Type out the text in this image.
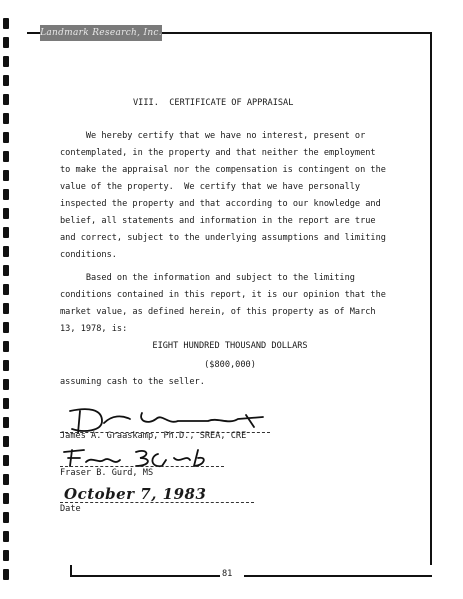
Landmark Research, Inc.
VIII.  CERTIFICATE OF APPRAISAL
We hereby certify that we have no interest, present or
contemplated, in the property and that neither the employment
to make the appraisal nor the compensation is contingent on the
value of the property.  We certify that we have personally
inspected the property and that according to our knowledge and
belief, all statements and information in the report are true
and correct, subject to the underlying assumptions and limiting
conditions.
Based on the information and subject to the limiting
conditions contained in this report, it is our opinion that the
market value, as defined herein, of this property as of March
13, 1978, is:
EIGHT HUNDRED THOUSAND DOLLARS
($800,000)
assuming cash to the seller.
James A. Graaskamp, Ph.D., SREA, CRE
Fraser B. Gurd, MS
October 7, 1983
Date
81
